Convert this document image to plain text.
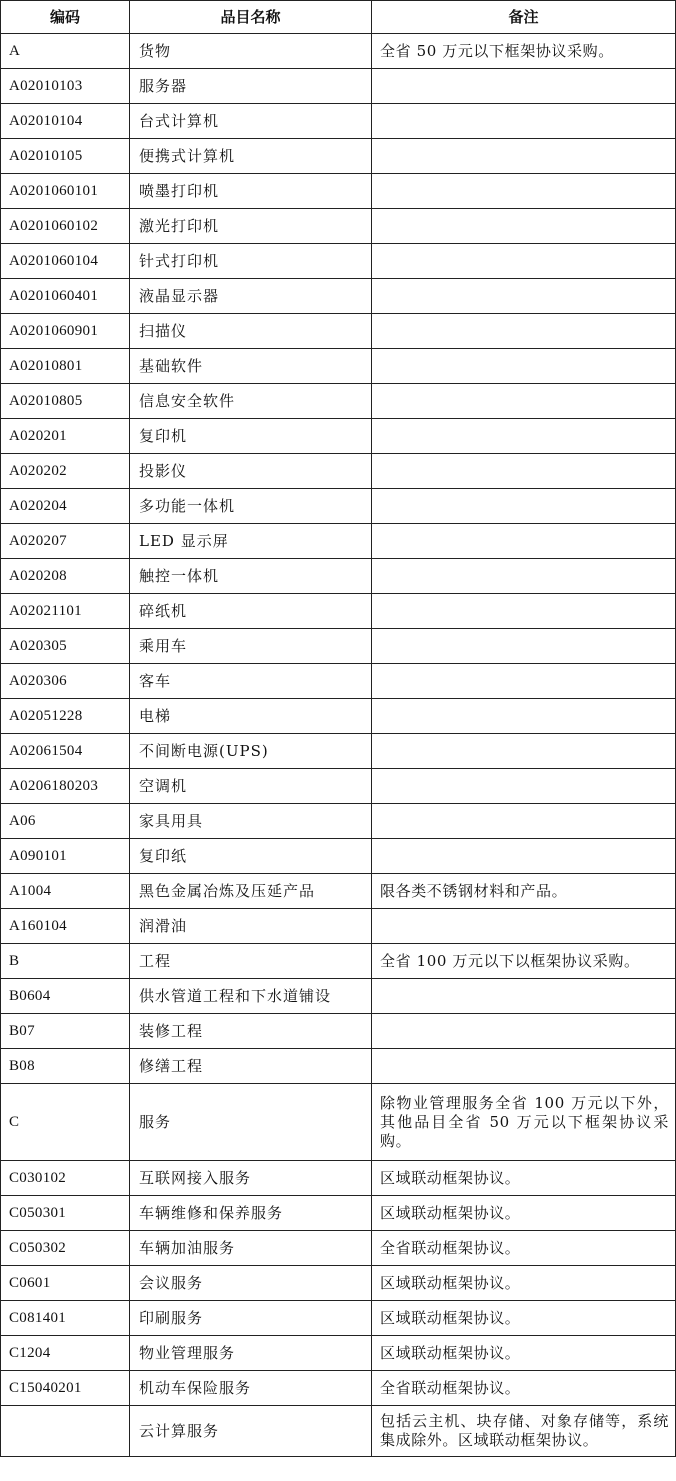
编码	品目名称	备注
A	货物	全省 50 万元以下框架协议采购。
A02010103	服务器	
A02010104	台式计算机	
A02010105	便携式计算机	
A0201060101	喷墨打印机	
A0201060102	激光打印机	
A0201060104	针式打印机	
A0201060401	液晶显示器	
A0201060901	扫描仪	
A02010801	基础软件	
A02010805	信息安全软件	
A020201	复印机	
A020202	投影仪	
A020204	多功能一体机	
A020207	LED 显示屏	
A020208	触控一体机	
A02021101	碎纸机	
A020305	乘用车	
A020306	客车	
A02051228	电梯	
A02061504	不间断电源(UPS)	
A0206180203	空调机	
A06	家具用具	
A090101	复印纸	
A1004	黑色金属冶炼及压延产品	限各类不锈钢材料和产品。
A160104	润滑油	
B	工程	全省 100 万元以下以框架协议采购。
B0604	供水管道工程和下水道铺设	
B07	装修工程	
B08	修缮工程	
C	服务	除物业管理服务全省 100 万元以下外，其他品目全省 50 万元以下框架协议采购。
C030102	互联网接入服务	区域联动框架协议。
C050301	车辆维修和保养服务	区域联动框架协议。
C050302	车辆加油服务	全省联动框架协议。
C0601	会议服务	区域联动框架协议。
C081401	印刷服务	区域联动框架协议。
C1204	物业管理服务	区域联动框架协议。
C15040201	机动车保险服务	全省联动框架协议。
	云计算服务	包括云主机、块存储、对象存储等，系统集成除外。区域联动框架协议。
